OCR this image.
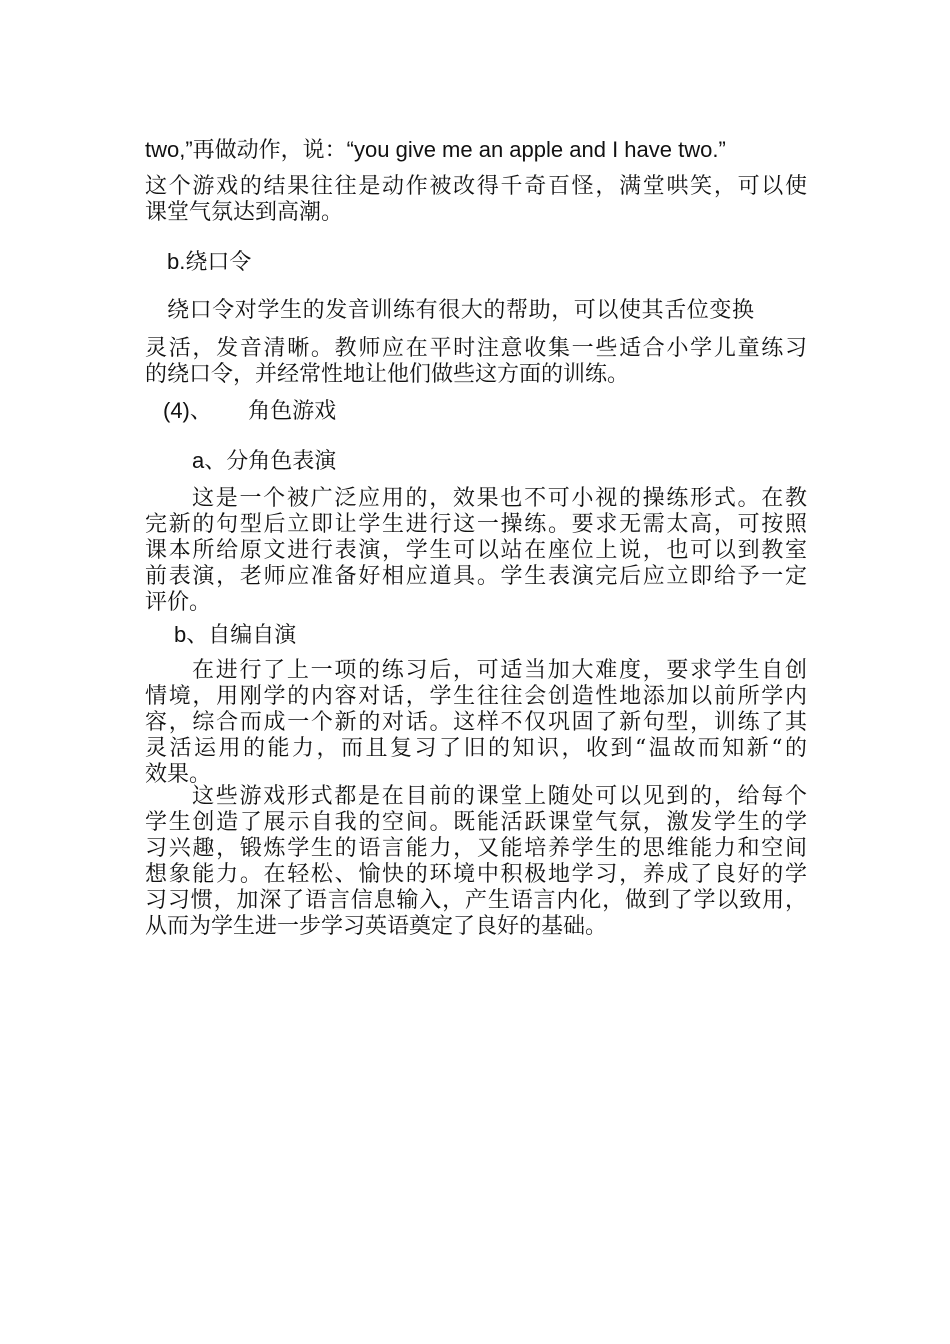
two,”再做动作，说：“you give me an apple and I have two.”
这个游戏的结果往往是动作被改得千奇百怪，满堂哄笑，可以使
课堂气氛达到高潮。
b.绕口令
绕口令对学生的发音训练有很大的帮助，可以使其舌位变换
灵活，发音清晰。教师应在平时注意收集一些适合小学儿童练习
的绕口令，并经常性地让他们做些这方面的训练。
(4)、 角色游戏
a、分角色表演
这是一个被广泛应用的，效果也不可小视的操练形式。在教
完新的句型后立即让学生进行这一操练。要求无需太高，可按照
课本所给原文进行表演，学生可以站在座位上说，也可以到教室
前表演，老师应准备好相应道具。学生表演完后应立即给予一定
评价。
b、自编自演
在进行了上一项的练习后，可适当加大难度，要求学生自创
情境，用刚学的内容对话，学生往往会创造性地添加以前所学内
容，综合而成一个新的对话。这样不仅巩固了新句型，训练了其
灵活运用的能力，而且复习了旧的知识，收到“温故而知新“的
效果。
这些游戏形式都是在目前的课堂上随处可以见到的，给每个
学生创造了展示自我的空间。既能活跃课堂气氛，激发学生的学
习兴趣，锻炼学生的语言能力，又能培养学生的思维能力和空间
想象能力。在轻松、愉快的环境中积极地学习，养成了良好的学
习习惯，加深了语言信息输入，产生语言内化，做到了学以致用，
从而为学生进一步学习英语奠定了良好的基础。
